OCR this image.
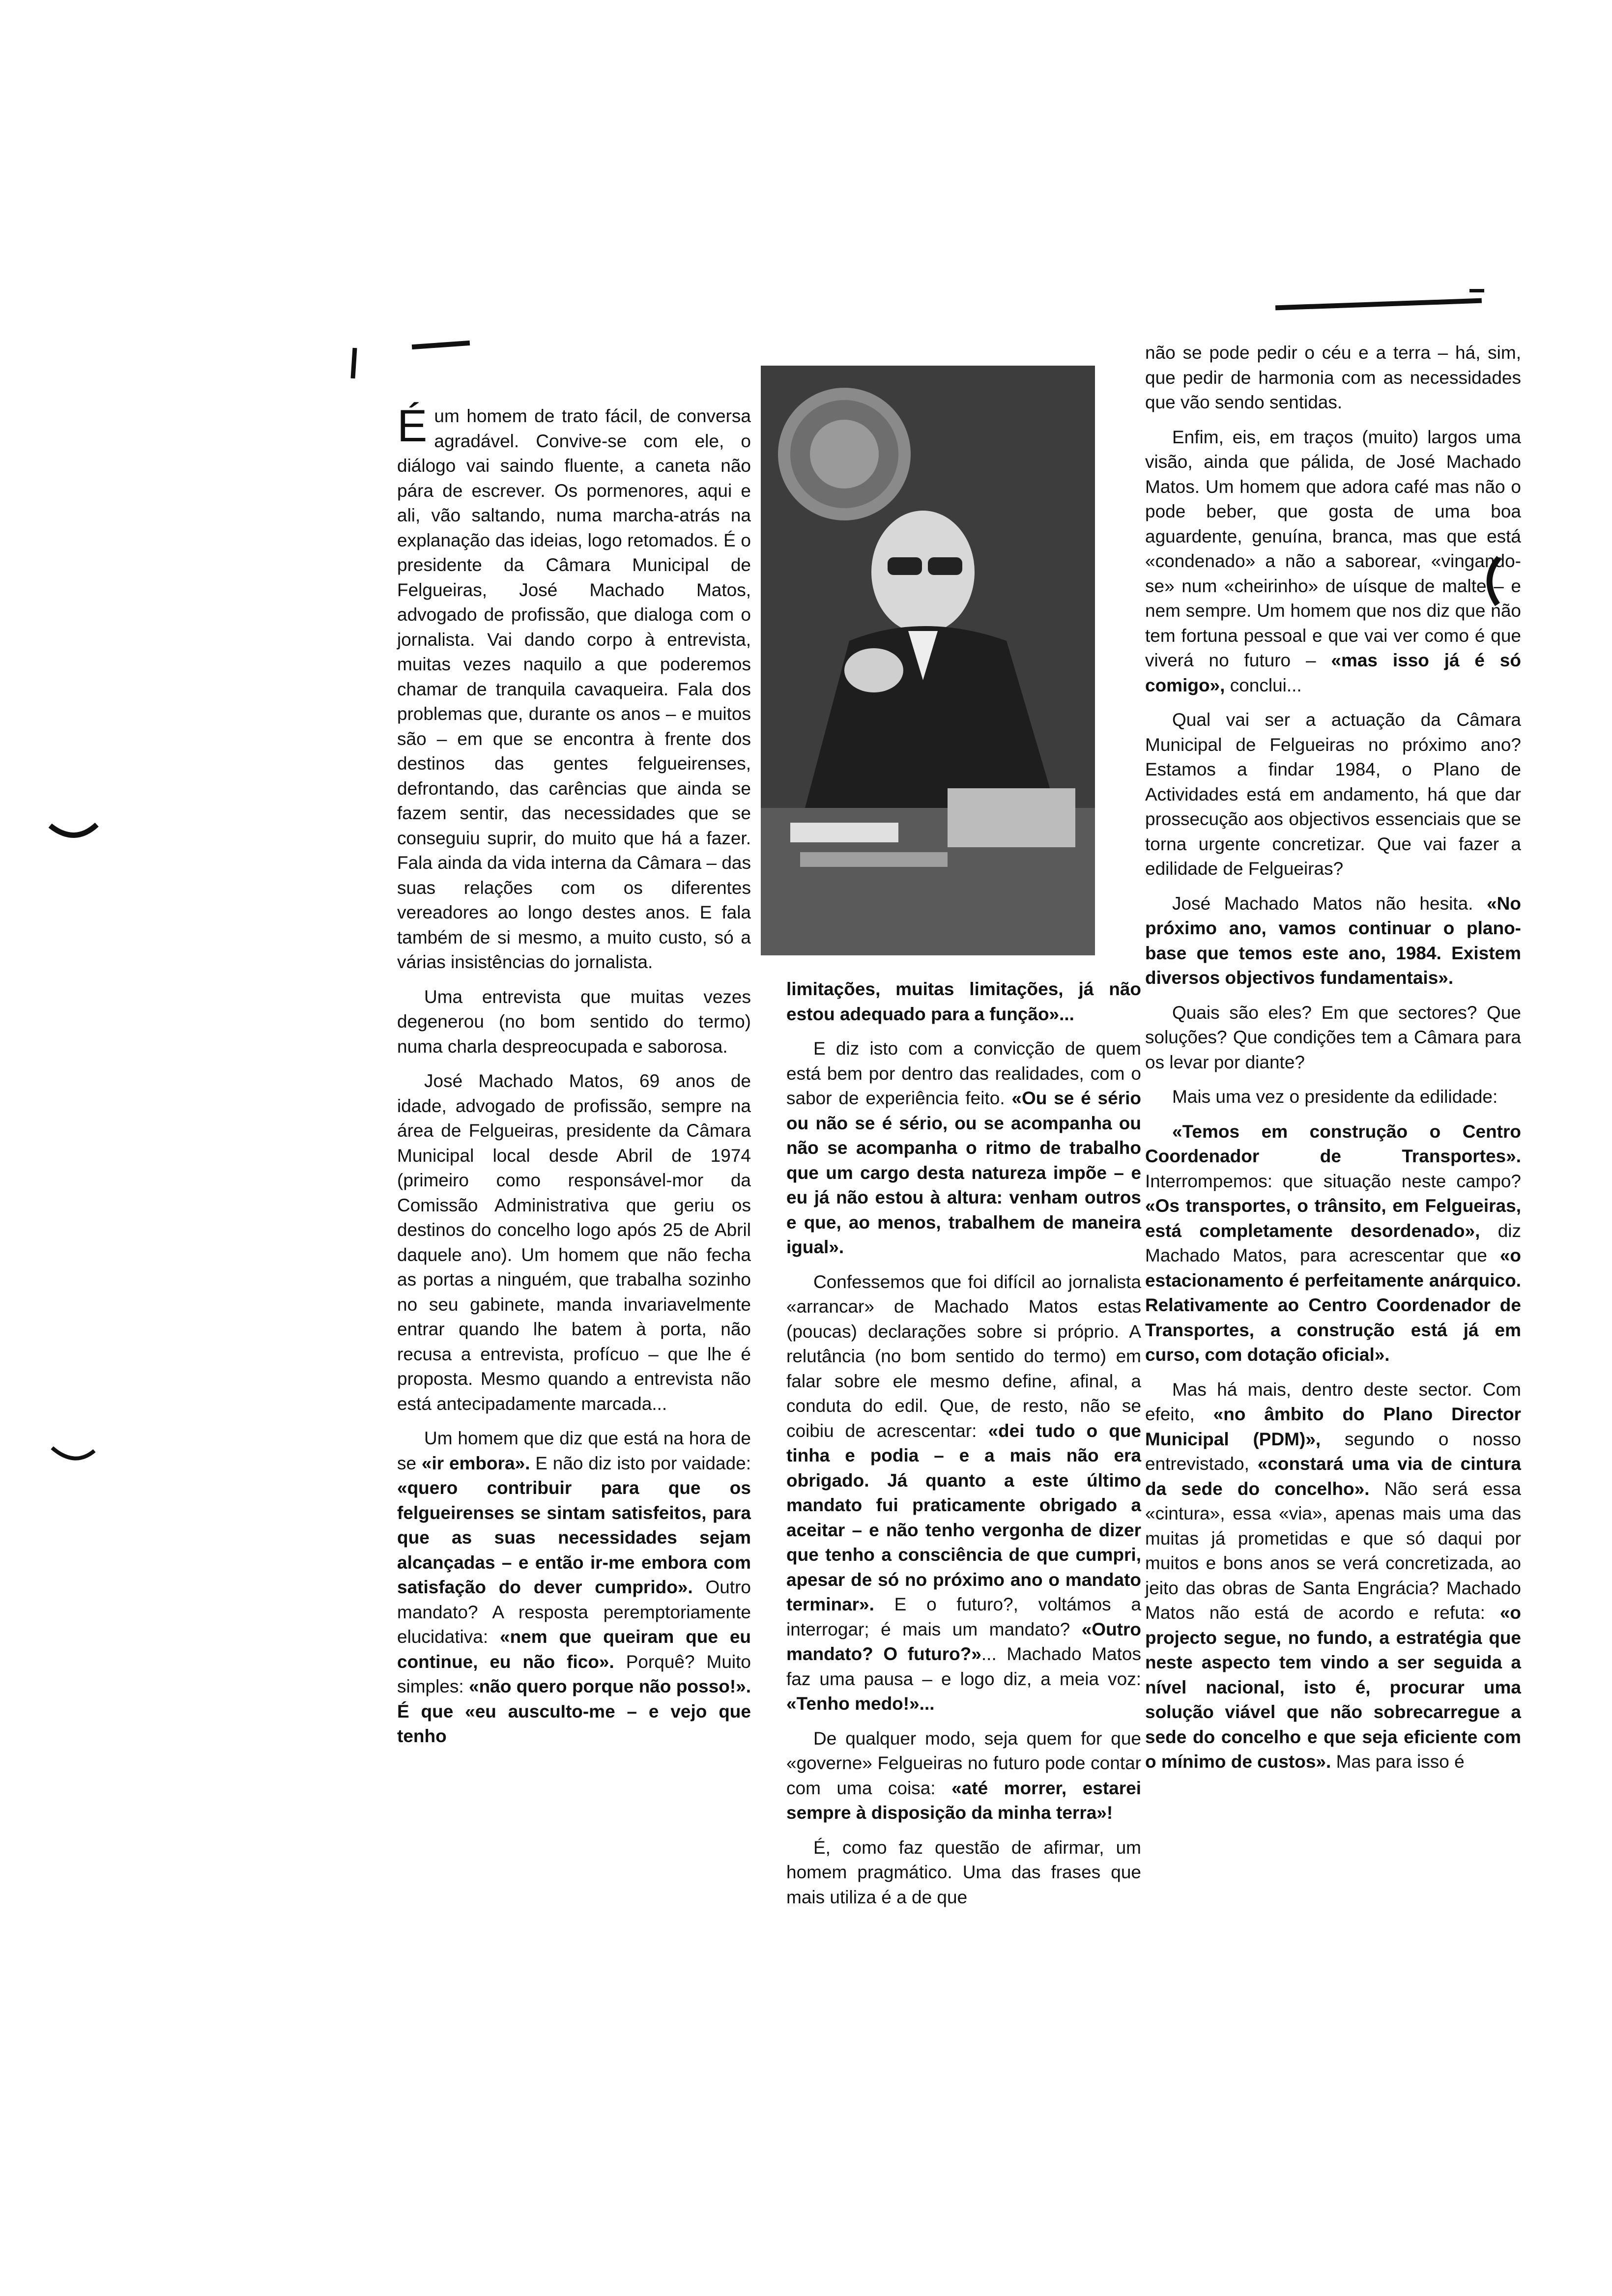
Éum homem de trato fácil, de conversa agradável. Convive-se com ele, o diálogo vai saindo fluente, a caneta não pára de escrever. Os pormenores, aqui e ali, vão saltando, numa marcha-atrás na explanação das ideias, logo retomados. É o presidente da Câmara Municipal de Felgueiras, José Machado Matos, advogado de profissão, que dialoga com o jornalista. Vai dando corpo à entrevista, muitas vezes naquilo a que poderemos chamar de tranquila cavaqueira. Fala dos problemas que, durante os anos – e muitos são – em que se encontra à frente dos destinos das gentes felgueirenses, defrontando, das carências que ainda se fazem sentir, das necessidades que se conseguiu suprir, do muito que há a fazer. Fala ainda da vida interna da Câmara – das suas relações com os diferentes vereadores ao longo destes anos. E fala também de si mesmo, a muito custo, só a várias insistências do jornalista.

Uma entrevista que muitas vezes degenerou (no bom sentido do termo) numa charla despreocupada e saborosa.

José Machado Matos, 69 anos de idade, advogado de profissão, sempre na área de Felgueiras, presidente da Câmara Municipal local desde Abril de 1974 (primeiro como responsável-mor da Comissão Administrativa que geriu os destinos do concelho logo após 25 de Abril daquele ano). Um homem que não fecha as portas a ninguém, que trabalha sozinho no seu gabinete, manda invariavelmente entrar quando lhe batem à porta, não recusa a entrevista, profícuo – que lhe é proposta. Mesmo quando a entrevista não está antecipadamente marcada...

Um homem que diz que está na hora de se «ir embora». E não diz isto por vaidade: «quero contribuir para que os felgueirenses se sintam satisfeitos, para que as suas necessidades sejam alcançadas – e então ir-me embora com satisfação do dever cumprido». Outro mandato? A resposta peremptoriamente elucidativa: «nem que queiram que eu continue, eu não fico». Porquê? Muito simples: «não quero porque não posso!». É que «eu auscuIto-me – e vejo que tenho

limitações, muitas limitações, já não estou adequado para a função»...

E diz isto com a convicção de quem está bem por dentro das realidades, com o sabor de experiência feito. «Ou se é sério ou não se é sério, ou se acompanha ou não se acompanha o ritmo de trabalho que um cargo desta natureza impõe – e eu já não estou à altura: venham outros e que, ao menos, trabalhem de maneira igual».

Confessemos que foi difícil ao jornalista «arrancar» de Machado Matos estas (poucas) declarações sobre si próprio. A relutância (no bom sentido do termo) em falar sobre ele mesmo define, afinal, a conduta do edil. Que, de resto, não se coibiu de acrescentar: «dei tudo o que tinha e podia – e a mais não era obrigado. Já quanto a este último mandato fui praticamente obrigado a aceitar – e não tenho vergonha de dizer que tenho a consciência de que cumpri, apesar de só no próximo ano o mandato terminar». E o futuro?, voltámos a interrogar; é mais um mandato? «Outro mandato? O futuro?»... Machado Matos faz uma pausa – e logo diz, a meia voz: «Tenho medo!»...

De qualquer modo, seja quem for que «governe» Felgueiras no futuro pode contar com uma coisa: «até morrer, estarei sempre à disposição da minha terra»!

É, como faz questão de afirmar, um homem pragmático. Uma das frases que mais utiliza é a de que

não se pode pedir o céu e a terra – há, sim, que pedir de harmonia com as necessidades que vão sendo sentidas.

Enfim, eis, em traços (muito) largos uma visão, ainda que pálida, de José Machado Matos. Um homem que adora café mas não o pode beber, que gosta de uma boa aguardente, genuína, branca, mas que está «condenado» a não a saborear, «vingando-se» num «cheirinho» de uísque de malte – e nem sempre. Um homem que nos diz que não tem fortuna pessoal e que vai ver como é que viverá no futuro – «mas isso já é só comigo», conclui...

Qual vai ser a actuação da Câmara Municipal de Felgueiras no próximo ano? Estamos a findar 1984, o Plano de Actividades está em andamento, há que dar prossecução aos objectivos essenciais que se torna urgente concretizar. Que vai fazer a edilidade de Felgueiras?

José Machado Matos não hesita. «No próximo ano, vamos continuar o plano-base que temos este ano, 1984. Existem diversos objectivos fundamentais».

Quais são eles? Em que sectores? Que soluções? Que condições tem a Câmara para os levar por diante?

Mais uma vez o presidente da edilidade:

«Temos em construção o Centro Coordenador de Transportes». Interrompemos: que situação neste campo? «Os transportes, o trânsito, em Felgueiras, está completamente desordenado», diz Machado Matos, para acrescentar que «o estacionamento é perfeitamente anárquico. Relativamente ao Centro Coordenador de Transportes, a construção está já em curso, com dotação oficial».

Mas há mais, dentro deste sector. Com efeito, «no âmbito do Plano Director Municipal (PDM)», segundo o nosso entrevistado, «constará uma via de cintura da sede do concelho». Não será essa «cintura», essa «via», apenas mais uma das muitas já prometidas e que só daqui por muitos e bons anos se verá concretizada, ao jeito das obras de Santa Engrácia? Machado Matos não está de acordo e refuta: «o projecto segue, no fundo, a estratégia que neste aspecto tem vindo a ser seguida a nível nacional, isto é, procurar uma solução viável que não sobrecarregue a sede do concelho e que seja eficiente com o mínimo de custos». Mas para isso é
